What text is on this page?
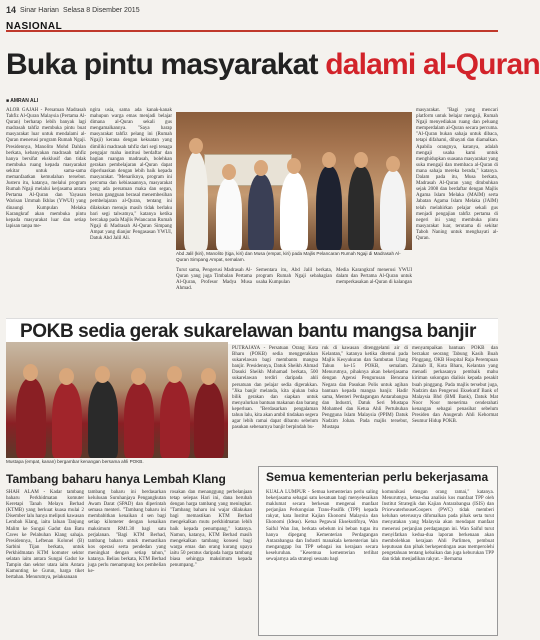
14 Sinar Harian Selasa 8 Disember 2015
NASIONAL
Buka pintu masyarakat dalami al-Quran
■ AMRAN ALI
ALOR GAJAH - Persatuan Madrasah Tahfiz Al-Quran Malaysia (Pertama Al-Quran) berharap lebih banyak lagi madrasah tahfiz membuka pintu buat masyarakat luar untuk mendalami al-Quran menerusi program Rumah Ngaji. Presidennya, Manolito Mohd Dahlan berkata, kebanyakan madrasah tahfiz hanya bersifat eksklusif dan tidak membuka ruang kepada masyarakat sekitar untuk sama-sama memanfaatkan kemudahan tersebut. Justeru itu, katanya, melalui program Rumah Ngaji melalui kerjasama antara Pertama Al-Quran dan Yayasan Warisan Ummah Ikhlas (YWUI) yang dinaungi Kumpulan Melaka Karangkraf akan membuka pintu kepada masyarakat luar dan setiap lapisan tanpa me-
ngira usia, sama ada kanak-kanak mahupun warga emas menjadi belajar dimana al-Quran sekali gus mengamalkannya. "Saya harap masyarakat tahfiz pelang ini (Rumah Ngaji) kerana dengan kekuatan yang dimiliki madrasah tahfiz dari segi tenaga pengajar maha institusi berdaftar dan bagian ruangan madrasah, bolehkan gerakan pembelajaran al-Quran dapat diperluaskan dengan lebih baik kepada masyarakat. "Menariknya, program ini percuma dan kebiasaannya, masyarakat yang ada persatuan maka dan segan, bersan gangguan berasal menembesihan pembelajaran al-Quran, tentang ini dilakukan menuju masih tidak berlaku bari segi talwatnya," katanya ketika bercakap pada Majlis Pelancaran Rumah Ngaji di Madrasah Al-Quran Simpang Ampat yang dianjur Pengasasan YWUI, Datuk Abd Jalil Ali.
Abd Jalil (kiri), Manolito (tiga, kiri) dan Musa (empat, kiri) pada Majlis Pelancaran Rumah Ngaji di Madrasah Al-Quran Simpang Ampat, semalam.
Turut sama, Pengerusi Madrasah Al-Quran yang juga Timbalan Pertama Al-Quran, Profesor Madya Musa Ahmad.
Sementara itu, Abd Jalil berkata, program Rumah Ngaji sebahagian usaha Kumpulan
Media Karangkraf menerusi YWUI dalam dan Pertama Al-Quran untuk memperkasakan al-Quran di kalangan
masyarakat. "Bagi yang mencari platform untuk belajar mengaji, Rumah Ngaji menyediakan ruang dan peluang memperdalam al-Quran secara percuma. "Al-Quran bukan sahaja untuk dibaca, tetapi difahami, dihayati dan diamalkan. Apabila orangnya, katanya, adalah mengaji usaha kami untuk menghidupkan suasana masyarakat yang suka mengaji dan membaca al-Quran di mana sahaja mereka berada," katanya. Dalam pada itu, Musa berkata, Madrasah Al-Quran yang ditubuhkan sejak 2008 dan berdaftar dengan Majlis Agama Islam Melaka (MAIM) serta Jabatan Agama Islam Melaka (JAIM) telah melahirkan pelajar sekali gus menjadi pengajian tahfiz pertama di negeri ini yang membuka pintu masyarakat luar, terutama di sekitar Taboh Naning untuk menghayati al-Quran.
POKB sedia gerak sukarelawan bantu mangsa banjir
Mustapa (empat, kanan) bergambar kenangan bersama ahli POKB.
PUTRAJAYA - Persatuan Orang Kota Bharu (POKB) sedia menggerakkan sukarelawan bagi membantu mangsa banjir. Presidennya, Datuk Sheikh Ahmad Dasuki Sheikh Mohamad berkata, 500 sukarelawan terdiri daripada ahli persatuan dan pelajar sedia digerakkan. "Jika banjir melanda, kita ajukan buka bilik gerakan dan siapkan untuk menyalurkan bantuan makanan dan barang keperluan. "Berdasarkan pengalaman tahun lalu, kita akan ambil tindakan segera agar lebih ramai dapat dibantu sebelum pasukan sebenarnya banjir berpindah bu-
ruk di kawasan ditenggelami air di Kelantan," katanya ketika ditemui pada Majlis Kesyukuran dan Sambutan Ulang Tahun ke-15 POKB, semalam. Menurutnya, pihaknya akan bekerjasama dengan Agensi Pengurusan Bencana Negara dan Pasukan Polis untuk agihan bantuan kepada mangsa banjir. Hadir sama, Menteri Perdagangan Antarabangsa dan Industri, Datuk Seri Mustapa Mohamed dan Ketua Ahli Pertubuhan Pengguna Islam Malaysia (PPIM) Datuk Nadzim Johan. Pada majlis tersebut, Mustapa
menyampaikan bantuan POKB dan berzakat seorang Tabung Kasih Buah Pinggang, OKB Hospital Raja Perempuan Zainab II, Kota Bharu, Kelantan yang menadi perkasanya pembaik mahu kiriman sokongan dialisis kepada pesakit buah pinggang. Pada majlis tersebut juga, Nadzim dan Pengerusi Eksekutif Bank of Malaysia Bhd (BMI Bank), Datuk Mat Noor Noor menerima cenderahati kenangan sebagai penasihat sebelum Presiden dan Anugerah Ahli Kehormat Seumur Hidup POKB.
Tambang baharu hanya Lembah Klang
SHAH ALAM - Kadar tambang baharu Perkhidmatan komuter Keretapi Tanah Melayu Berhad (KTMB) yang berkuat kuasa mulai 2 Disember lalu hanya meliputi kawasan Lembah Klang, iaitu laluan Tanjung Malim ke Sungai Gadut dan Batu Caves ke Pelabuhan Klang sahaja. Presidennya, Leftenan Kolonel (B) Sarbini Tijan berkata, untuk Perkhidmatan KTM komuter sektor selatan iaitu antara Sungai Gadut ke Tampin dan sektor utara iaitu Antara Kamunting ke Gurun, harga tiket bertahan. Menurutnya, pelaksanaan
tambang baharu ini berdasarkan kelulusan Suruhanjaya Pengangkutan Awam Darat (SPAD) dan diperintah semasa menteri. "Tambang baharu ini membabitkan kenaikan 4 sen bagi setiap kilometer dengan kenaikan maksimum RM1.30 bagi satu perjalanan. "Bagi KTM Berhad, tambang baharu untuk memastikan kos operasi serta pendedan yang meningkat dengan setiap tahun," katanya. Beliau berkata, KTM Berhad juga perlu menampung kos pembelian ke-
rosakan dan menanggung perbelanjaan tetap selepas Hari ini, dana berubah dengan harga tambang yang meningkat. "Tambang baharu ini wajar dilakukan bagi memastikan KTM Berhad mengekalkan mutu perkhidmatan lebih baik kepada penumpang," katanya. Namun, katanya, KTM Berhad masih mengekalkan tambang konsesi bagi warga emas dan orang kurang upaya iaitu 50 peratus daripada harga tambang biasa sehingga maksimum kepada penumpang."
Semua kementerian perlu bekerjasama
KUALA LUMPUR - Semua kementerian perlu saling bekerjasama sebagai satu kesatuan bagi menyelesaikan maklumat secara berkesan mengenai manfaat perjanjian Perkongsian Trans-Pasifik (TPP) kepada rakyat, kata Institut Kajian Ekonomi Malaysia dan Ekonomi (Ideas). Ketua Pegawai Eksekutifnya, Wan Saiful Wan Jan, berkata sebelum ini beban tugas itu hanya dipegang Kementerian Perdagangan Antarabangsa dan Industri manakala kementerian lain menganggap Isu TPP sebagai isu kerajaan secara keseluruhan. "Kesemua kementerian terlibat sewajarnya ada strategi sesuatu bagi
komunikasi dengan orang ramai," katanya. Menurutnya, ketua-dua analisis kos manfaat TPP oleh Institut Strategik dan Kajian Antarabangsa (ISIS) dan PricewaterhouseCoopers (PWC) tidak memberi keluhan seterusnya difomalkan pada pihak serta turut menyatakan yang Malaysia akan mendapat manfaat menerusi perjanjian perdagangan ini. Wan Saiful turut menyifatkan kedua-dua laporan berkenaan akan membolehkan kerajaan Ahli Parlimen, pembuat keputusan dan pihak berkepentingan asas memperolehi pengetahuan tentang kebaikan dan juga keburukan TPP dan tidak menjadikan rakyat. - Bernama
